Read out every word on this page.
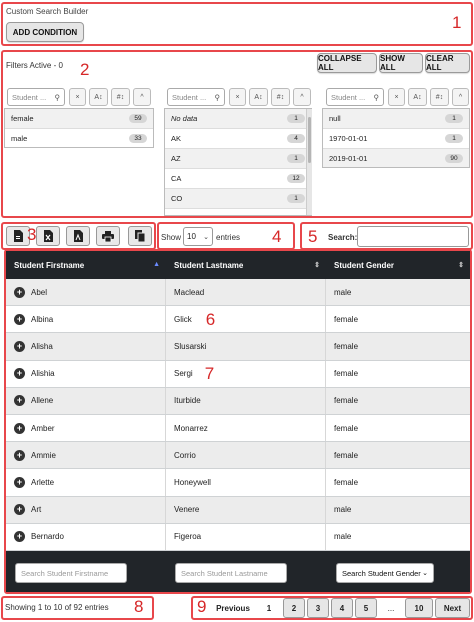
Custom Search Builder
ADD CONDITION	1
Filters Active - 0 2
COLLAPSE ALL
SHOW ALL
CLEAR ALL
Student ... ⚲	×	A↕	#↕	^
female	59
male	33
Student ... ⚲	×	A↕	#↕	^
No data	1
AK	4
AZ	1
CA	12
CO	1
Student ... ⚲	×	A↕	#↕	^
null	1
1970-01-01	1
2019-01-01	90
3	Show 10 ⌄ entries 4 5 Search:
Student Firstname	▲ Student Lastname	⇕ Student Gender	⇕
+	Abel	Maclead	male
+	Albina	Glick 6	female
+	Alisha	Slusarski	female
+	Alishia	Sergi 7	female
+	Allene	Iturbide	female
+	Amber	Monarrez	female
+	Ammie	Corrio	female
+	Arlette	Honeywell	female
+	Art	Venere	male
+	Bernardo	Figeroa	male
Search Student Firstname	Search Student Lastname	Search Student Gender ⌄
Showing 1 to 10 of 92 entries 8	9	Previous	1	2	3	4	5	...	10	Next
